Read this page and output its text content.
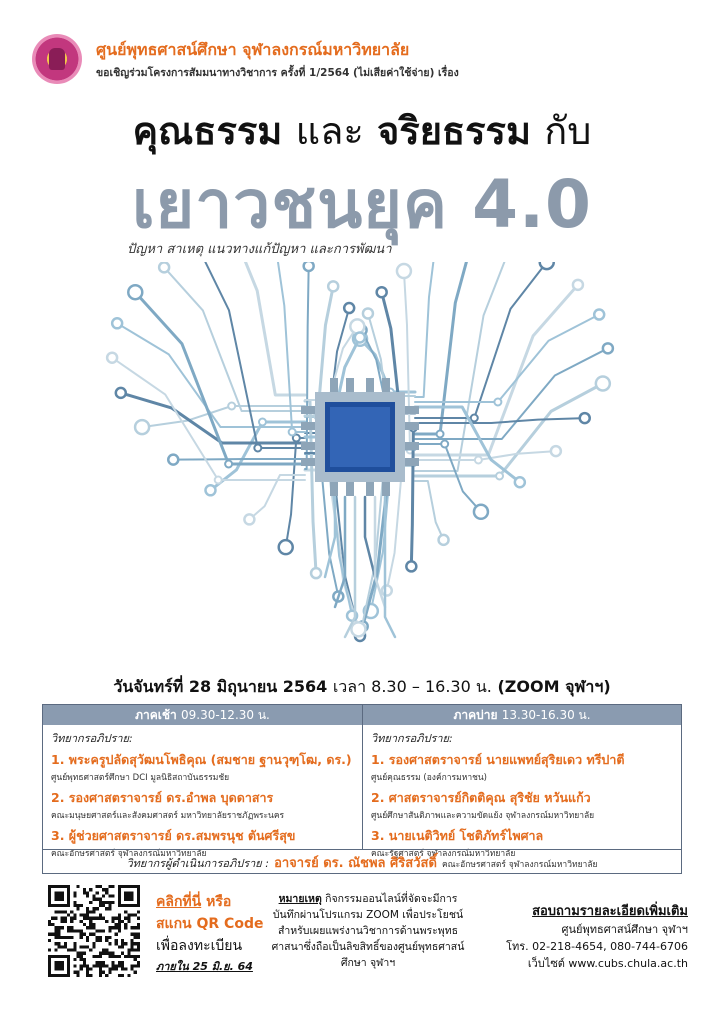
ศูนย์พุทธศาสน์ศึกษา จุฬาลงกรณ์มหาวิทยาลัย
ขอเชิญร่วมโครงการสัมมนาทางวิชาการ ครั้งที่ 1/2564 (ไม่เสียค่าใช้จ่าย) เรื่อง
คุณธรรม และ จริยธรรม กับ
เยาวชนยุค 4.0
ปัญหา สาเหตุ แนวทางแก้ปัญหา และการพัฒนา
วันจันทร์ที่ 28 มิถุนายน 2564 เวลา 8.30 – 16.30 น. (ZOOM จุฬาฯ)
ภาคเช้า 09.30-12.30 น.	ภาคบ่าย 13.30-16.30 น.
วิทยากรอภิปราย:
1. พระครูปลัดสุวัฒนโพธิคุณ (สมชาย ฐานวุฑฺโฒ, ดร.)
ศูนย์พุทธศาสตร์ศึกษา DCI มูลนิธิสถาบันธรรมชัย
2. รองศาสตราจารย์ ดร.อำพล บุดดาสาร
คณะมนุษยศาสตร์และสังคมศาสตร์ มหาวิทยาลัยราชภัฏพระนคร
3. ผู้ช่วยศาสตราจารย์ ดร.สมพรนุช ตันศรีสุข
คณะอักษรศาสตร์ จุฬาลงกรณ์มหาวิทยาลัย
วิทยากรอภิปราย:
1. รองศาสตราจารย์ นายแพทย์สุริยเดว ทรีปาตี
ศูนย์คุณธรรม (องค์การมหาชน)
2. ศาสตราจารย์กิตติคุณ สุริชัย หวันแก้ว
ศูนย์ศึกษาสันติภาพและความขัดแย้ง จุฬาลงกรณ์มหาวิทยาลัย
3. นายเนติวิทย์ โชติภัทร์ไพศาล
คณะรัฐศาสตร์ จุฬาลงกรณ์มหาวิทยาลัย
วิทยากรผู้ดำเนินการอภิปราย : อาจารย์ ดร. ณัชพล ศิริสวัสดิ์ คณะอักษรศาสตร์ จุฬาลงกรณ์มหาวิทยาลัย
คลิกที่นี่ หรือ
สแกน QR Code
เพื่อลงทะเบียน
ภายใน 25 มิ.ย. 64
หมายเหตุ กิจกรรมออนไลน์ที่จัดจะมีการบันทึกผ่านโปรแกรม ZOOM เพื่อประโยชน์สำหรับเผยแพร่งานวิชาการด้านพระพุทธศาสนาซึ่งถือเป็นลิขสิทธิ์ของศูนย์พุทธศาสน์ศึกษา จุฬาฯ
สอบถามรายละเอียดเพิ่มเติม
ศูนย์พุทธศาสน์ศึกษา จุฬาฯ
โทร. 02-218-4654, 080-744-6706
เว็บไซต์ www.cubs.chula.ac.th
